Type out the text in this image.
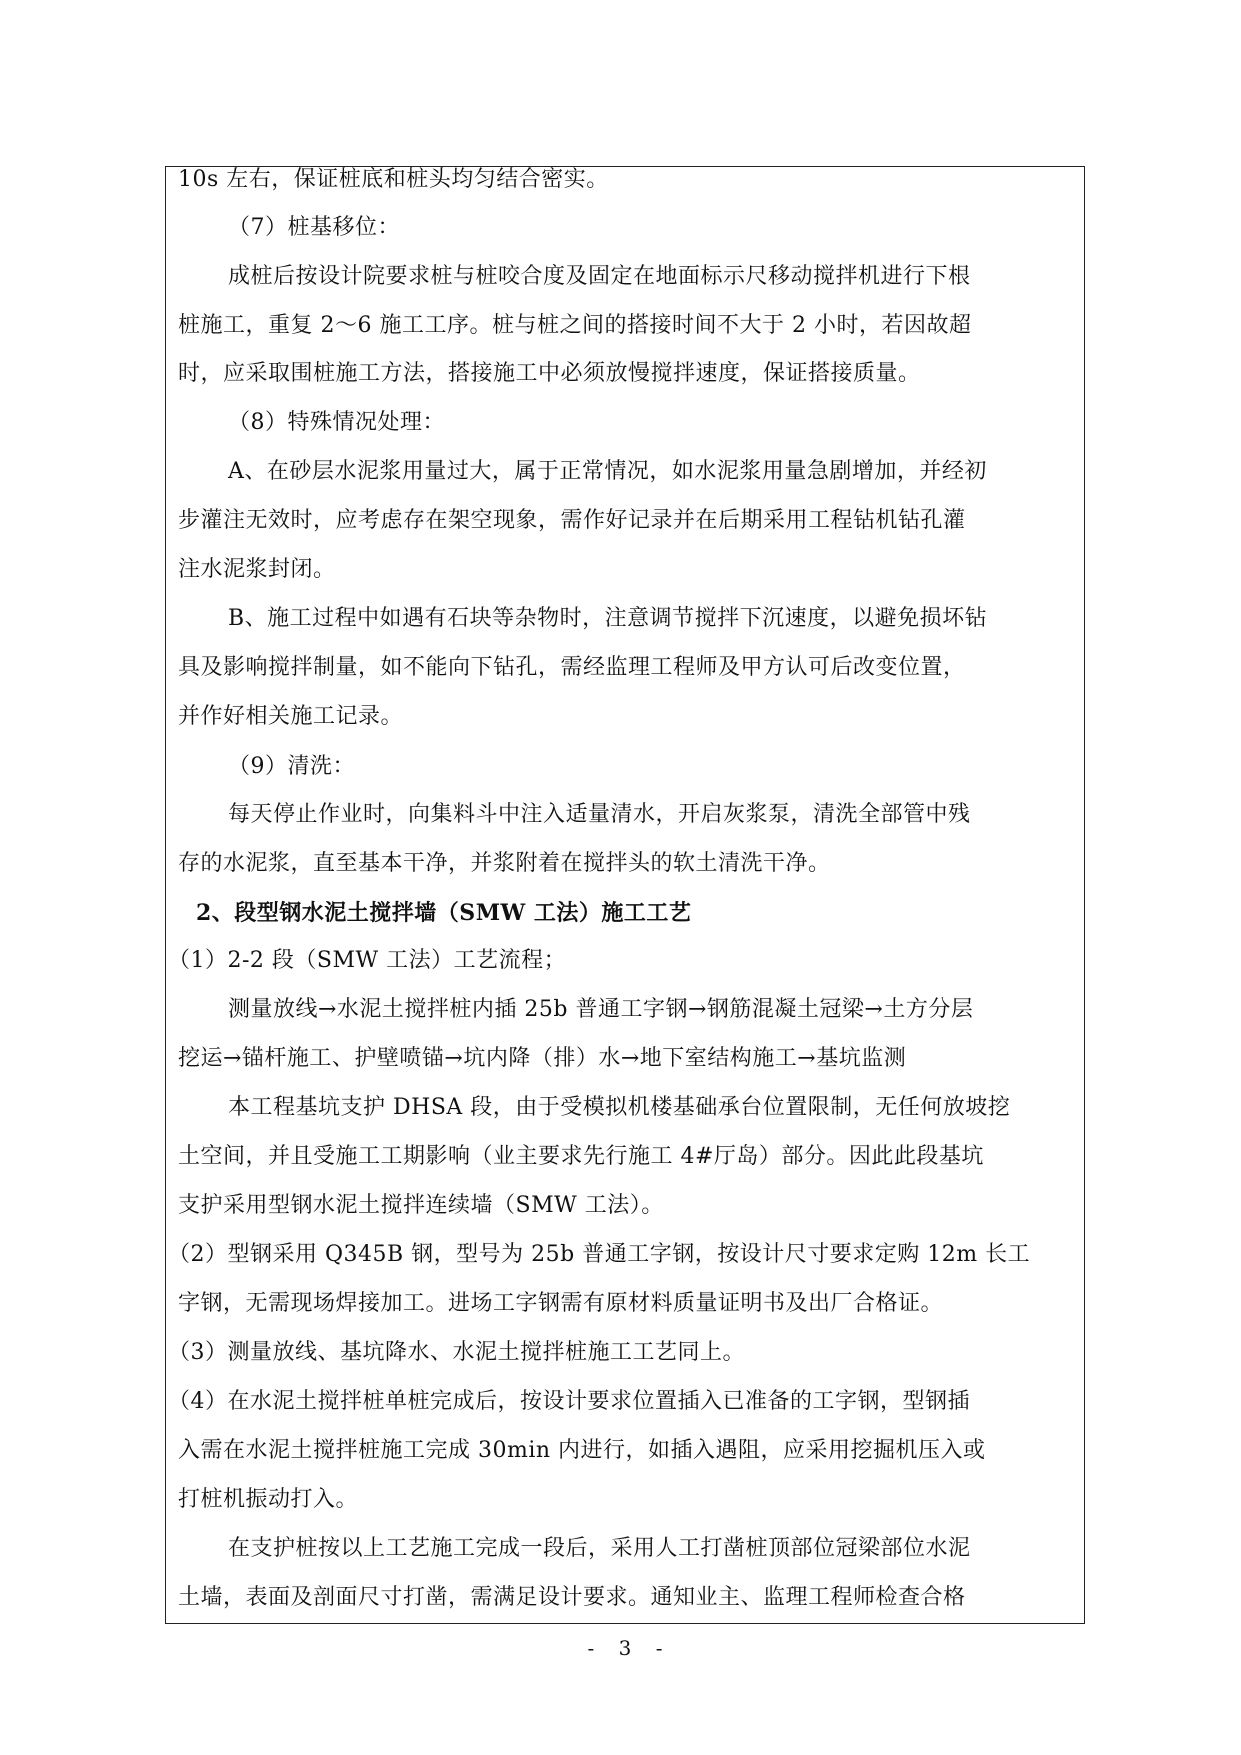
10s 左右，保证桩底和桩头均匀结合密实。
（7）桩基移位：
成桩后按设计院要求桩与桩咬合度及固定在地面标示尺移动搅拌机进行下根
桩施工，重复 2～6 施工工序。桩与桩之间的搭接时间不大于 2 小时，若因故超
时，应采取围桩施工方法，搭接施工中必须放慢搅拌速度，保证搭接质量。
（8）特殊情况处理：
A、在砂层水泥浆用量过大，属于正常情况，如水泥浆用量急剧增加，并经初
步灌注无效时，应考虑存在架空现象，需作好记录并在后期采用工程钻机钻孔灌
注水泥浆封闭。
B、施工过程中如遇有石块等杂物时，注意调节搅拌下沉速度，以避免损坏钻
具及影响搅拌制量，如不能向下钻孔，需经监理工程师及甲方认可后改变位置，
并作好相关施工记录。
（9）清洗：
每天停止作业时，向集料斗中注入适量清水，开启灰浆泵，清洗全部管中残
存的水泥浆，直至基本干净，并浆附着在搅拌头的软土清洗干净。
2、段型钢水泥土搅拌墙（SMW 工法）施工工艺
（1）2-2 段（SMW 工法）工艺流程；
测量放线→水泥土搅拌桩内插 25b 普通工字钢→钢筋混凝土冠梁→土方分层
挖运→锚杆施工、护壁喷锚→坑内降（排）水→地下室结构施工→基坑监测
本工程基坑支护 DHSA 段，由于受模拟机楼基础承台位置限制，无任何放坡挖
土空间，并且受施工工期影响（业主要求先行施工 4#厅岛）部分。因此此段基坑
支护采用型钢水泥土搅拌连续墙（SMW 工法）。
（2）型钢采用 Q345B 钢，型号为 25b 普通工字钢，按设计尺寸要求定购 12m 长工
字钢，无需现场焊接加工。进场工字钢需有原材料质量证明书及出厂合格证。
（3）测量放线、基坑降水、水泥土搅拌桩施工工艺同上。
（4）在水泥土搅拌桩单桩完成后，按设计要求位置插入已准备的工字钢，型钢插
入需在水泥土搅拌桩施工完成 30min 内进行，如插入遇阻，应采用挖掘机压入或
打桩机振动打入。
在支护桩按以上工艺施工完成一段后，采用人工打凿桩顶部位冠梁部位水泥
土墙，表面及剖面尺寸打凿，需满足设计要求。通知业主、监理工程师检查合格
- 3 -
